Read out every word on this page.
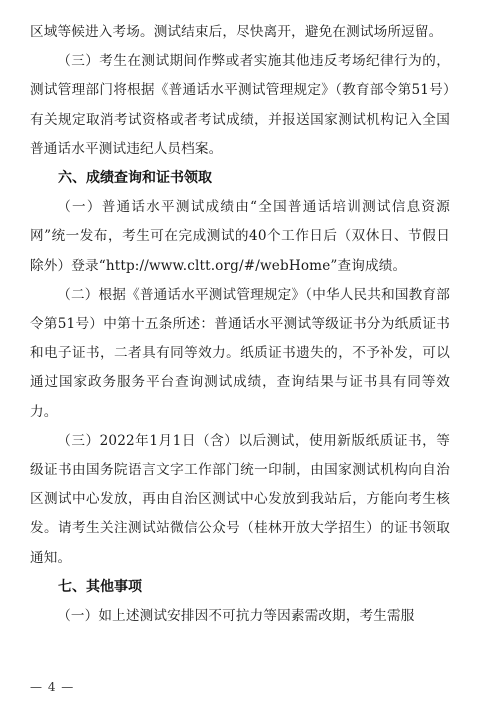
区域等候进入考场。测试结束后，尽快离开，避免在测试场所逗留。

（三）考生在测试期间作弊或者实施其他违反考场纪律行为的，测试管理部门将根据《普通话水平测试管理规定》（教育部令第51号）有关规定取消考试资格或者考试成绩，并报送国家测试机构记入全国普通话水平测试违纪人员档案。

六、成绩查询和证书领取

（一）普通话水平测试成绩由“全国普通话培训测试信息资源网”统一发布，考生可在完成测试的40个工作日后（双休日、节假日除外）登录“http://www.cltt.org/#/webHome”查询成绩。

（二）根据《普通话水平测试管理规定》（中华人民共和国教育部令第51号）中第十五条所述：普通话水平测试等级证书分为纸质证书和电子证书，二者具有同等效力。纸质证书遗失的，不予补发，可以通过国家政务服务平台查询测试成绩，查询结果与证书具有同等效力。

（三）2022年1月1日（含）以后测试，使用新版纸质证书，等级证书由国务院语言文字工作部门统一印制，由国家测试机构向自治区测试中心发放，再由自治区测试中心发放到我站后，方能向考生核发。请考生关注测试站微信公众号（桂林开放大学招生）的证书领取通知。

七、其他事项

（一）如上述测试安排因不可抗力等因素需改期，考生需服

— 4 —
